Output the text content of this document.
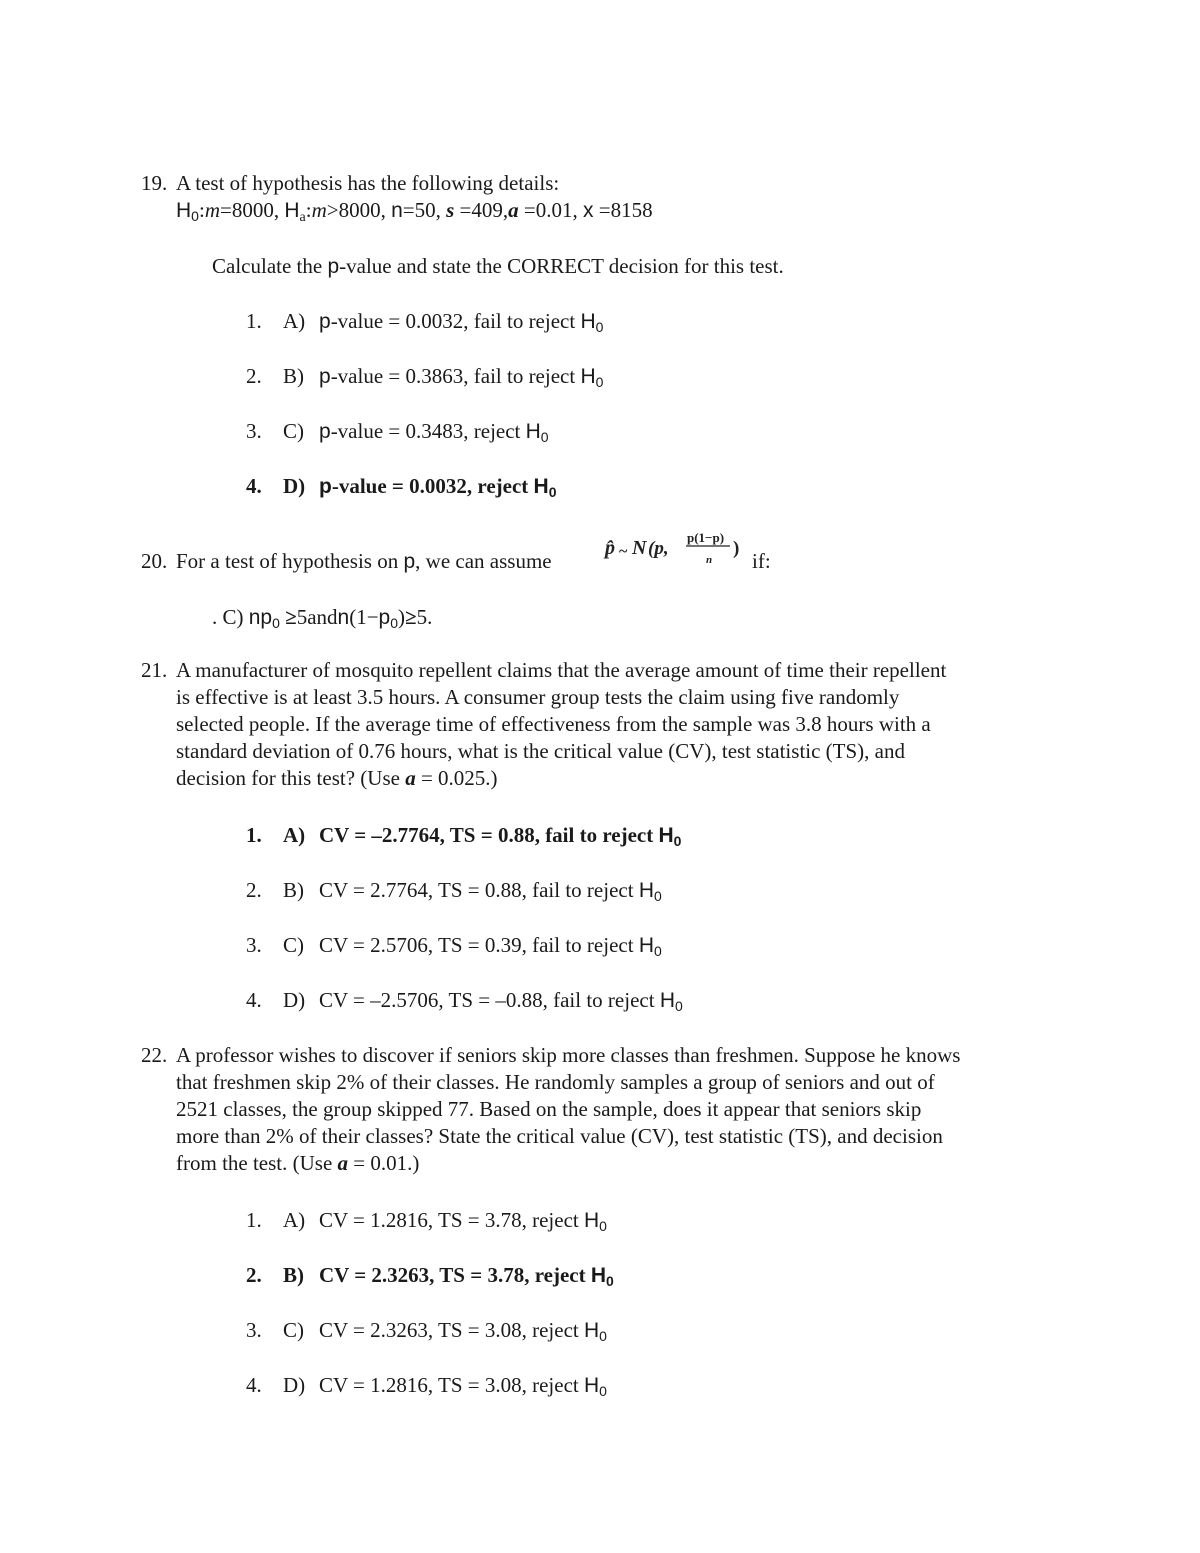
19. A test of hypothesis has the following details:
$H_0:m=8000$, $H_a:m>8000$, n=50, s =409,a =0.01, x =8158
Calculate the p-value and state the CORRECT decision for this test.
1. A) p-value = 0.0032, fail to reject $H_0$
2. B) p-value = 0.3863, fail to reject $H_0$
3. C) p-value = 0.3483, reject $H_0$
4. D) p-value = 0.0032, reject $H_0$
20. For a test of hypothesis on p, we can assume
p̂ ~ N (p,
p(1−p)
n
)
if:
. C) $np_0$ $\ge 5andn(1-p_0)\ge 5$.
21. A manufacturer of mosquito repellent claims that the average amount of time their repellent
is effective is at least 3.5 hours. A consumer group tests the claim using five randomly
selected people. If the average time of effectiveness from the sample was 3.8 hours with a
standard deviation of 0.76 hours, what is the critical value (CV), test statistic (TS), and
decision for this test? (Use a = 0.025.)
1. A) CV = –2.7764, TS = 0.88, fail to reject $H_0$
2. B) CV = 2.7764, TS = 0.88, fail to reject $H_0$
3. C) CV = 2.5706, TS = 0.39, fail to reject $H_0$
4. D) CV = –2.5706, TS = –0.88, fail to reject $H_0$
22. A professor wishes to discover if seniors skip more classes than freshmen. Suppose he knows
that freshmen skip 2% of their classes. He randomly samples a group of seniors and out of
2521 classes, the group skipped 77. Based on the sample, does it appear that seniors skip
more than 2% of their classes? State the critical value (CV), test statistic (TS), and decision
from the test. (Use a = 0.01.)
1. A) CV = 1.2816, TS = 3.78, reject $H_0$
2. B) CV = 2.3263, TS = 3.78, reject $H_0$
3. C) CV = 2.3263, TS = 3.08, reject $H_0$
4. D) CV = 1.2816, TS = 3.08, reject $H_0$
